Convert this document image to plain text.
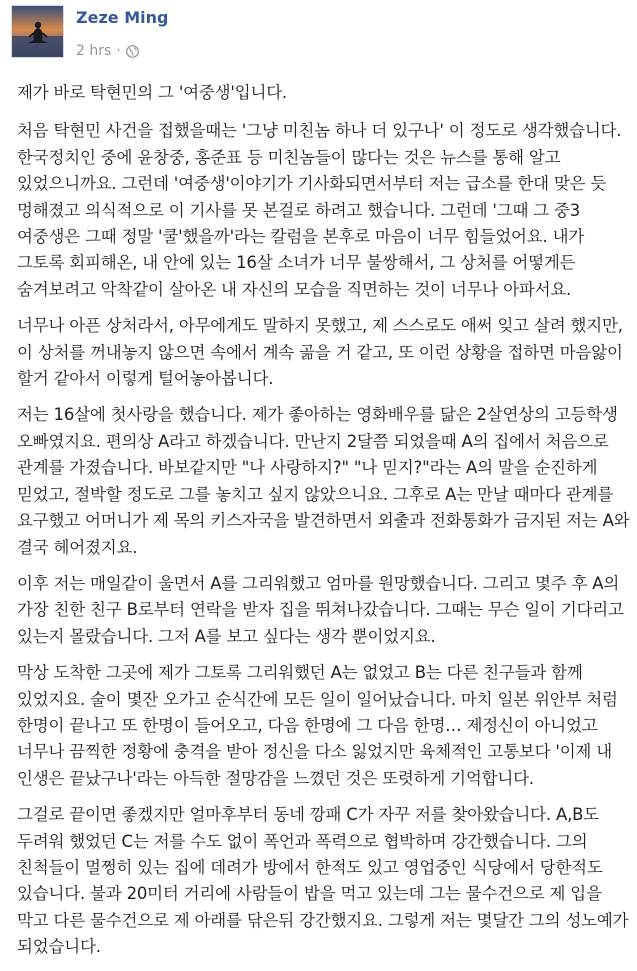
Zeze Ming
2 hrs ·

제가 바로 탁현민의 그 '여중생'입니다.

처음 탁현민 사건을 접했을때는 '그냥 미친놈 하나 더 있구나' 이 정도로 생각했습니다. 한국정치인 중에 윤창중, 홍준표 등 미친놈들이 많다는 것은 뉴스를 통해 알고 있었으니까요. 그런데 '여중생'이야기가 기사화되면서부터 저는 급소를 한대 맞은 듯 멍해졌고 의식적으로 이 기사를 못 본걸로 하려고 했습니다. 그런데 '그때 그 중3 여중생은 그때 정말 '쿨'했을까'라는 칼럼을 본후로 마음이 너무 힘들었어요. 내가 그토록 회피해온, 내 안에 있는 16살 소녀가 너무 불쌍해서, 그 상처를 어떻게든 숨겨보려고 악착같이 살아온 내 자신의 모습을 직면하는 것이 너무나 아파서요.

너무나 아픈 상처라서, 아무에게도 말하지 못했고, 제 스스로도 애써 잊고 살려 했지만, 이 상처를 꺼내놓지 않으면 속에서 계속 곪을 거 같고, 또 이런 상황을 접하면 마음앓이 할거 같아서 이렇게 털어놓아봅니다.

저는 16살에 첫사랑을 했습니다. 제가 좋아하는 영화배우를 닮은 2살연상의 고등학생 오빠였지요. 편의상 A라고 하겠습니다. 만난지 2달쯤 되었을때 A의 집에서 처음으로 관계를 가졌습니다. 바보같지만 "나 사랑하지?" "나 믿지?"라는 A의 말을 순진하게 믿었고, 절박할 정도로 그를 놓치고 싶지 않았으니요. 그후로 A는 만날 때마다 관계를 요구했고 어머니가 제 목의 키스자국을 발견하면서 외출과 전화통화가 금지된 저는 A와 결국 헤어졌지요.

이후 저는 매일같이 울면서 A를 그리워했고 엄마를 원망했습니다. 그리고 몇주 후 A의 가장 친한 친구 B로부터 연락을 받자 집을 뛰쳐나갔습니다. 그때는 무슨 일이 기다리고 있는지 몰랐습니다. 그저 A를 보고 싶다는 생각 뿐이었지요.

막상 도착한 그곳에 제가 그토록 그리워했던 A는 없었고 B는 다른 친구들과 함께 있었지요. 술이 몇잔 오가고 순식간에 모든 일이 일어났습니다. 마치 일본 위안부 처럼 한명이 끝나고 또 한명이 들어오고, 다음 한명에 그 다음 한명… 제정신이 아니었고 너무나 끔찍한 정황에 충격을 받아 정신을 다소 잃었지만 육체적인 고통보다 '이제 내 인생은 끝났구나'라는 아득한 절망감을 느꼈던 것은 또렷하게 기억합니다.

그걸로 끝이면 좋겠지만 얼마후부터 동네 깡패 C가 자꾸 저를 찾아왔습니다. A,B도 두려워 했었던 C는 저를 수도 없이 폭언과 폭력으로 협박하며 강간했습니다. 그의 친척들이 멀쩡히 있는 집에 데려가 방에서 한적도 있고 영업중인 식당에서 당한적도 있습니다. 불과 20미터 거리에 사람들이 밥을 먹고 있는데 그는 물수건으로 제 입을 막고 다른 물수건으로 제 아래를 닦은뒤 강간했지요. 그렇게 저는 몇달간 그의 성노예가 되었습니다.
